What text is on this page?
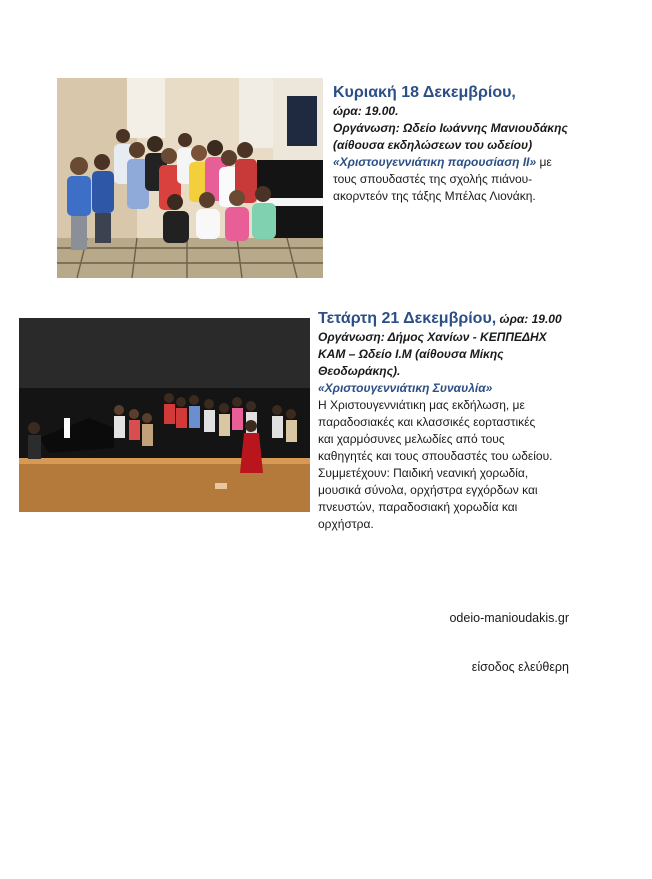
Κυριακή 18 Δεκεμβρίου,
ώρα: 19.00.
Οργάνωση: Ωδείο Ιωάννης Μανιουδάκης
(αίθουσα εκδηλώσεων του ωδείου)
«Χριστουγεννιάτικη παρουσίαση ΙΙ» με
τους σπουδαστές της σχολής πιάνου-
ακορντεόν της τάξης Μπέλας Λιονάκη.
Τετάρτη 21 Δεκεμβρίου, ώρα: 19.00
Οργάνωση: Δήμος Χανίων - ΚΕΠΠΕΔΗΧ
ΚΑΜ – Ωδείο Ι.Μ (αίθουσα Μίκης
Θεοδωράκης).
«Χριστουγεννιάτικη Συναυλία»
Η Χριστουγεννιάτικη μας εκδήλωση, με
παραδοσιακές και κλασσικές εορταστικές
και χαρμόσυνες μελωδίες από τους
καθηγητές και τους σπουδαστές του ωδείου.
Συμμετέχουν: Παιδική νεανική χορωδία,
μουσικά σύνολα, ορχήστρα εγχόρδων και
πνευστών, παραδοσιακή χορωδία και
ορχήστρα.
odeio-manioudakis.gr
είσοδος ελεύθερη
